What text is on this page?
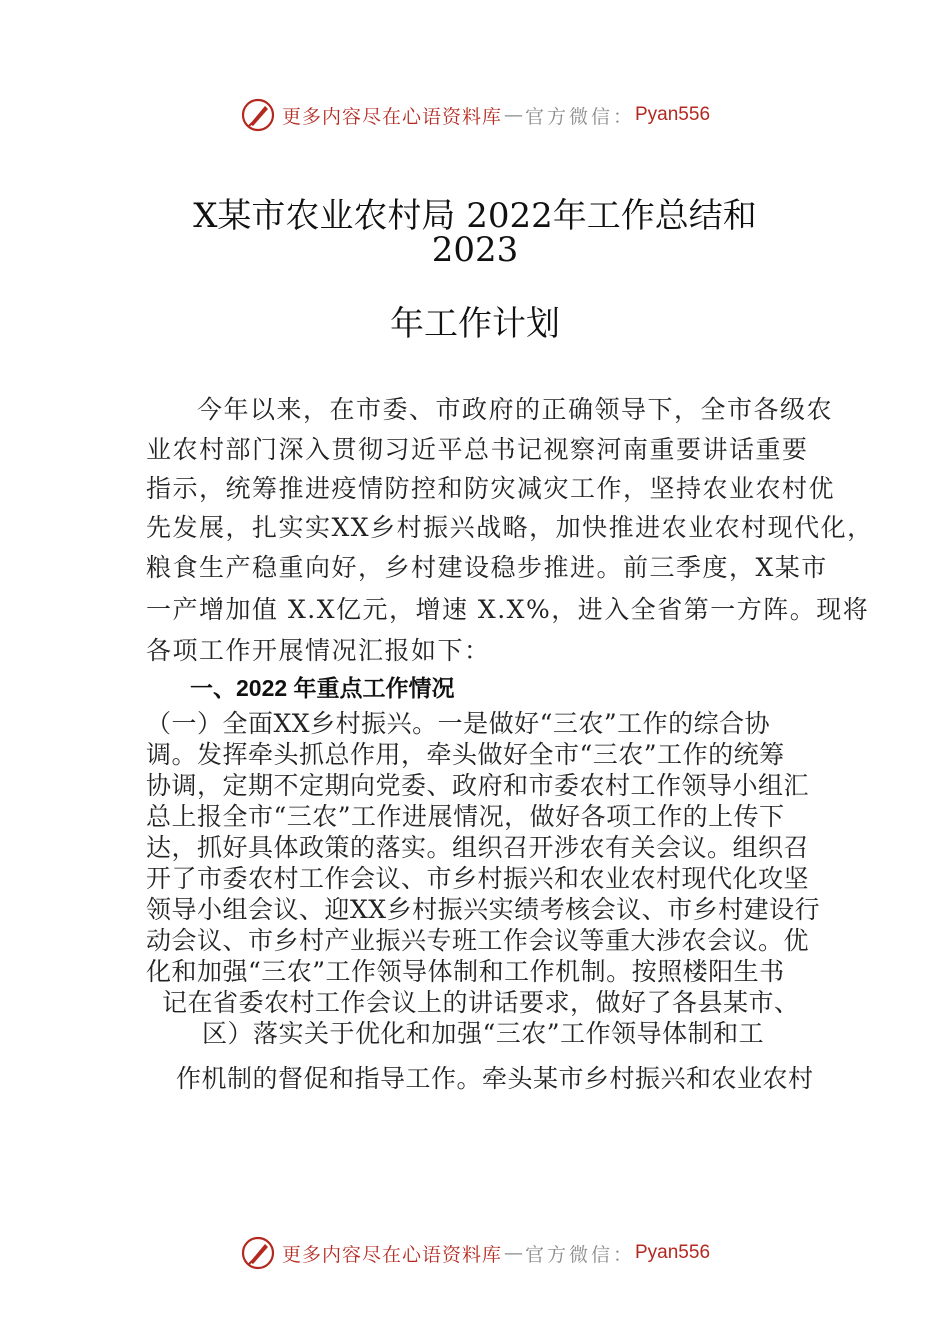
更多内容尽在心语资料库 — 官方微信： Pyan556
X某市农业农村局 2022年工作总结和
2023
年工作计划
今年以来，在市委、市政府的正确领导下，全市各级农
业农村部门深入贯彻习近平总书记视察河南重要讲话重要
指示，统筹推进疫情防控和防灾减灾工作，坚持农业农村优
先发展，扎实实XX乡村振兴战略，加快推进农业农村现代化，
粮食生产稳重向好，乡村建设稳步推进。前三季度，X某市
一产增加值 X.X亿元，增速 X.X%，进入全省第一方阵。现将
各项工作开展情况汇报如下：
一、2022 年重点工作情况
（一）全面XX乡村振兴。一是做好“三农”工作的综合协
调。发挥牵头抓总作用，牵头做好全市“三农”工作的统筹
协调，定期不定期向党委、政府和市委农村工作领导小组汇
总上报全市“三农”工作进展情况，做好各项工作的上传下
达，抓好具体政策的落实。组织召开涉农有关会议。组织召
开了市委农村工作会议、市乡村振兴和农业农村现代化攻坚
领导小组会议、迎XX乡村振兴实绩考核会议、市乡村建设行
动会议、市乡村产业振兴专班工作会议等重大涉农会议。优
化和加强“三农”工作领导体制和工作机制。按照楼阳生书
记在省委农村工作会议上的讲话要求，做好了各县某市、
区）落实关于优化和加强“三农”工作领导体制和工
作机制的督促和指导工作。牵头某市乡村振兴和农业农村
更多内容尽在心语资料库 — 官方微信： Pyan556
